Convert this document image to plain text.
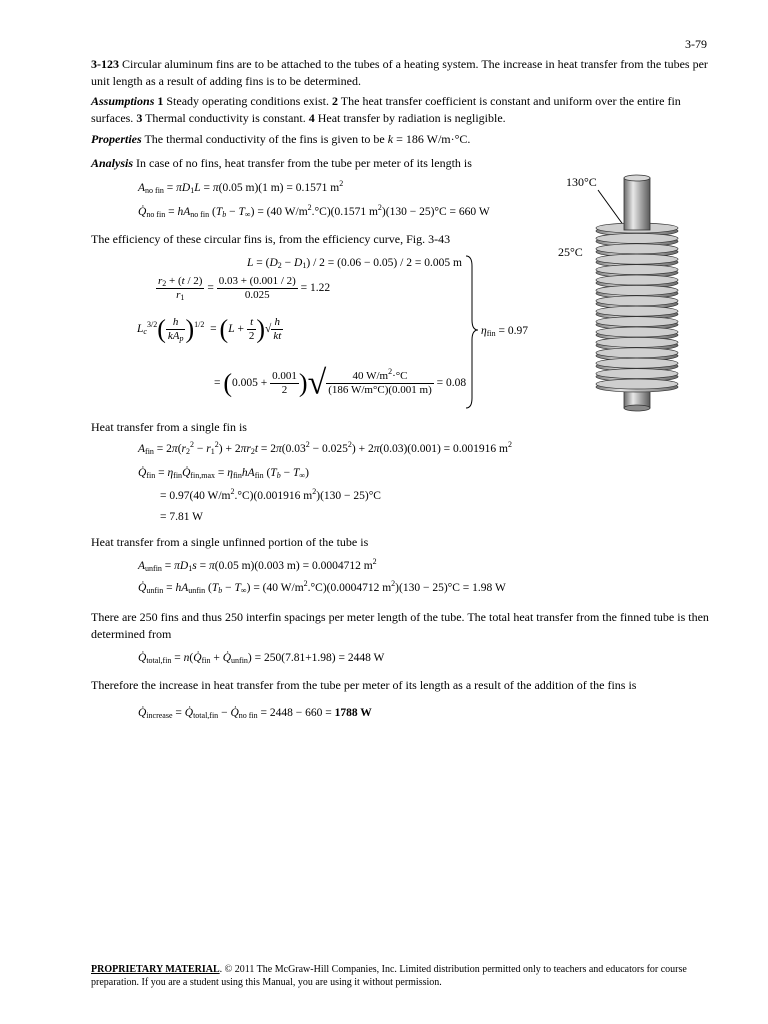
3-79
3-123 Circular aluminum fins are to be attached to the tubes of a heating system. The increase in heat transfer from the tubes per unit length as a result of adding fins is to be determined.
Assumptions 1 Steady operating conditions exist. 2 The heat transfer coefficient is constant and uniform over the entire fin surfaces. 3 Thermal conductivity is constant. 4 Heat transfer by radiation is negligible.
Properties The thermal conductivity of the fins is given to be k = 186 W/m·°C.
Analysis In case of no fins, heat transfer from the tube per meter of its length is
$A_{no fin} = \pi D_1L = \pi(0.05$ m)(1 m) = 0.1571 $m^2$
$Q̇_{no fin} = hA_{no fin}$ $(T_b - T_\infty) = (40$ $W/m^2.^\circ C)(0.1571$ $m^2)(130 - 25)^\circ C = 660$ W
The efficiency of these circular fins is, from the efficiency curve, Fig. 3-43
$L = (D_2 - D_1) / 2 = (0.06 - 0.05) / 2 = 0.005$ m
$\frac{r_2 + (t / 2)}{r_1} = \frac{0.03 + (0.001 / 2)}{0.025} = 1.22$
$L_c^{3/2}( \frac{h}{kA_p} )^{1/2} = (L + \frac{t}{2}$ )√ $\frac{h}{kt}$
= ($0.005 + \frac{0.001}{2}$ )√ $\frac{40 W/m^2\cdot^\circ C}{(186 W/m^\circ C)(0.001 m)} = 0.08$
$\eta_{fin} = 0.97$
Heat transfer from a single fin is
$A_{fin} = 2\pi(r_2^2 - r_1^2) + 2\pi r_2t = 2\pi(0.03^2 - 0.025^2) + 2\pi(0.03)(0.001) = 0.001916$ $m^2$
$Q̇_{fin}$ = $\eta_{fin}Q̇_{fin,max} = \eta_{fin}hA_{fin}$ $(T_b - T_\infty)$
= 0.97(40 $W/m^2.^\circ C)(0.001916$ $m^2)(130 - 25)^\circ C$
= 7.81 W
Heat transfer from a single unfinned portion of the tube is
$A_{unfin} = \pi D_1s = \pi(0.05$ m)(0.003 m) = 0.0004712 $m^2$
$Q̇_{unfin} = hA_{unfin}$ $(T_b - T_\infty) = (40$ $W/m^2.^\circ C)(0.0004712$ $m^2)(130 - 25)^\circ C = 1.98$ W
There are 250 fins and thus 250 interfin spacings per meter length of the tube. The total heat transfer from the finned tube is then determined from
$Q̇_{total,fin}$ = $n(Q̇_{fin}$ + $Q̇_{unfin}) = 250(7.81+1.98) = 2448$ W
Therefore the increase in heat transfer from the tube per meter of its length as a result of the addition of the fins is
$Q̇_{increase}$ = $Q̇_{total,fin}$ − $Q̇_{no fin} = 2448 - 660 = 1788$ W
130°C
25°C
PROPRIETARY MATERIAL. © 2011 The McGraw-Hill Companies, Inc. Limited distribution permitted only to teachers and educators for course preparation. If you are a student using this Manual, you are using it without permission.
